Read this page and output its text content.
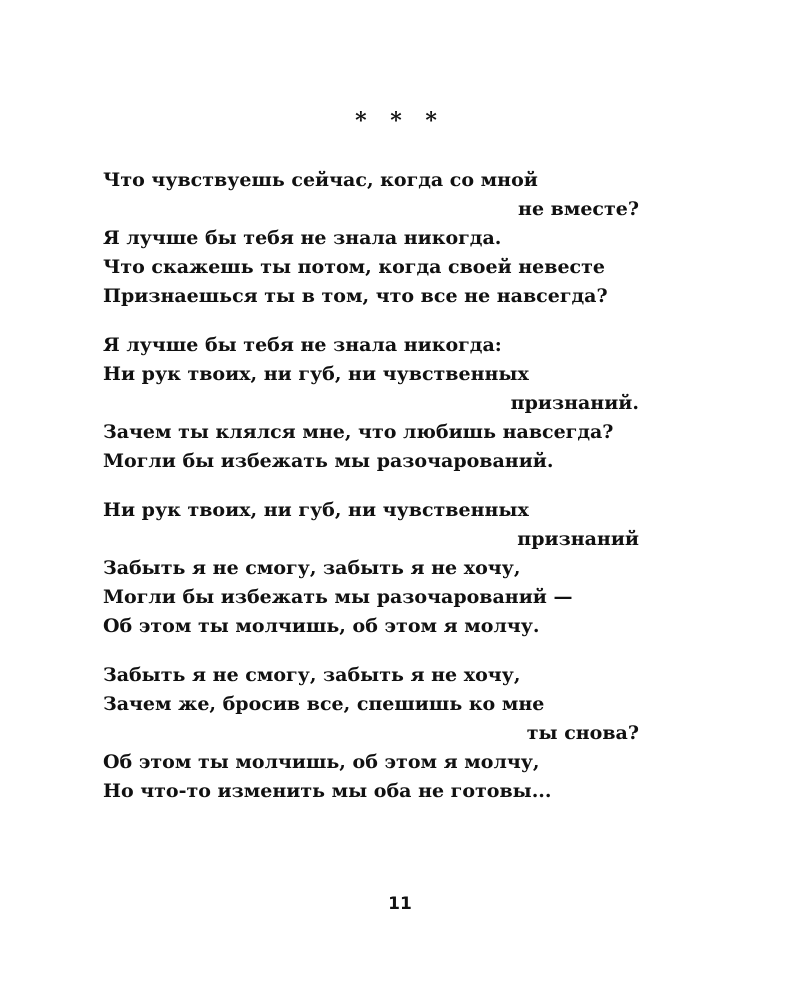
* * *
Что чувствуешь сейчас, когда со мной
не вместе?
Я лучше бы тебя не знала никогда.
Что скажешь ты потом, когда своей невесте
Признаешься ты в том, что все не навсегда?
Я лучше бы тебя не знала никогда:
Ни рук твоих, ни губ, ни чувственных
признаний.
Зачем ты клялся мне, что любишь навсегда?
Могли бы избежать мы разочарований.
Ни рук твоих, ни губ, ни чувственных
признаний
Забыть я не смогу, забыть я не хочу,
Могли бы избежать мы разочарований —
Об этом ты молчишь, об этом я молчу.
Забыть я не смогу, забыть я не хочу,
Зачем же, бросив все, спешишь ко мне
ты снова?
Об этом ты молчишь, об этом я молчу,
Но что-то изменить мы оба не готовы...
11
